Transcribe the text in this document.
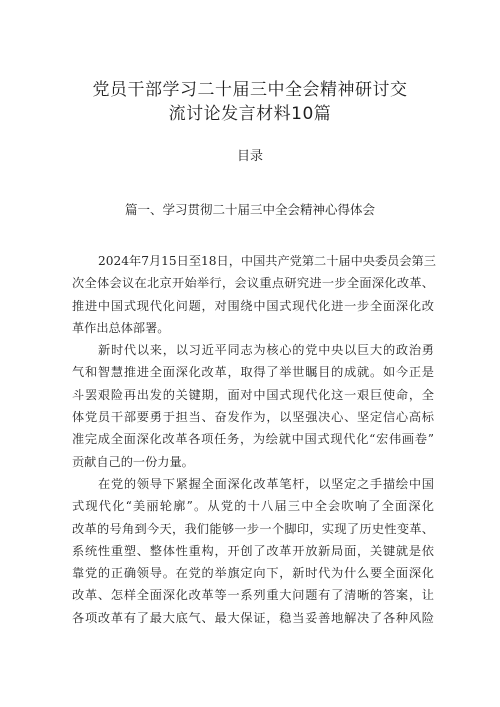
党员干部学习二十届三中全会精神研讨交
流讨论发言材料10篇
目录
篇一、学习贯彻二十届三中全会精神心得体会
2024年7月15日至18日，中国共产党第二十届中央委员会第三
次全体会议在北京开始举行，会议重点研究进一步全面深化改革、
推进中国式现代化问题，对围绕中国式现代化进一步全面深化改
革作出总体部署。
新时代以来，以习近平同志为核心的党中央以巨大的政治勇
气和智慧推进全面深化改革，取得了举世瞩目的成就。如今正是
斗罢艰险再出发的关键期，面对中国式现代化这一艰巨使命，全
体党员干部要勇于担当、奋发作为，以坚强决心、坚定信心高标
准完成全面深化改革各项任务，为绘就中国式现代化“宏伟画卷”
贡献自己的一份力量。
在党的领导下紧握全面深化改革笔杆，以坚定之手描绘中国
式现代化“美丽轮廓”。从党的十八届三中全会吹响了全面深化
改革的号角到今天，我们能够一步一个脚印，实现了历史性变革、
系统性重塑、整体性重构，开创了改革开放新局面，关键就是依
靠党的正确领导。在党的举旗定向下，新时代为什么要全面深化
改革、怎样全面深化改革等一系列重大问题有了清晰的答案，让
各项改革有了最大底气、最大保证，稳当妥善地解决了各种风险
